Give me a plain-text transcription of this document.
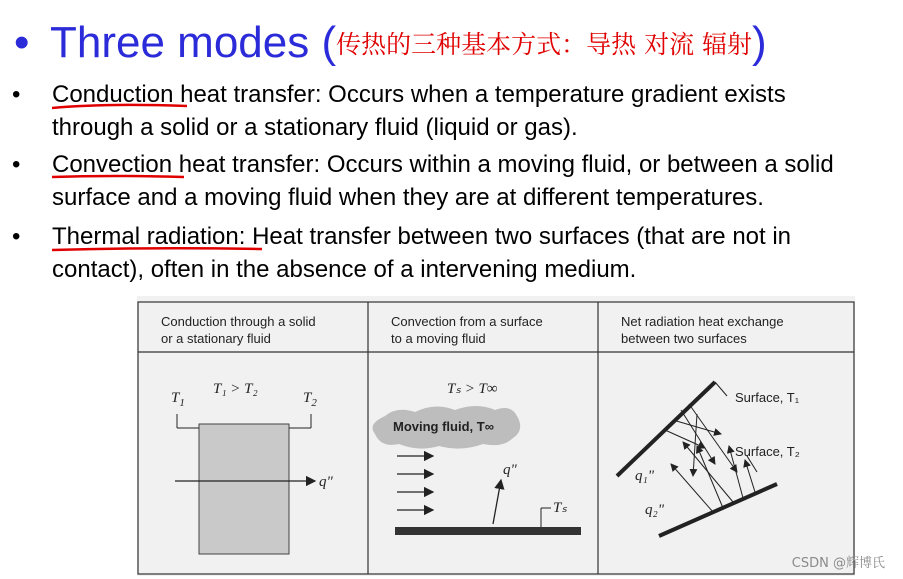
• Three modes (传热的三种基本方式：导热 对流 辐射)
• Conduction
heat transfer: Occurs when a temperature gradient exists
through a solid or a stationary fluid (liquid or gas).
• Convection
heat transfer: Occurs within a moving fluid, or between a solid
surface and a moving fluid when they are at different temperatures.
• Thermal radiation
: Heat transfer between two surfaces (that are not in
contact), often in the absence of a intervening medium.
Conduction through a solid
or a stationary fluid
Convection from a surface
to a moving fluid
Net radiation heat exchange
between two surfaces
$T_1$	$T_2$
T₁ > T₂
q"
Tₛ > T∞
Moving fluid, T∞
q"
Tₛ
Surface, T₁
Surface, T₂
q₁"
q₂"
CSDN @辉博氏
